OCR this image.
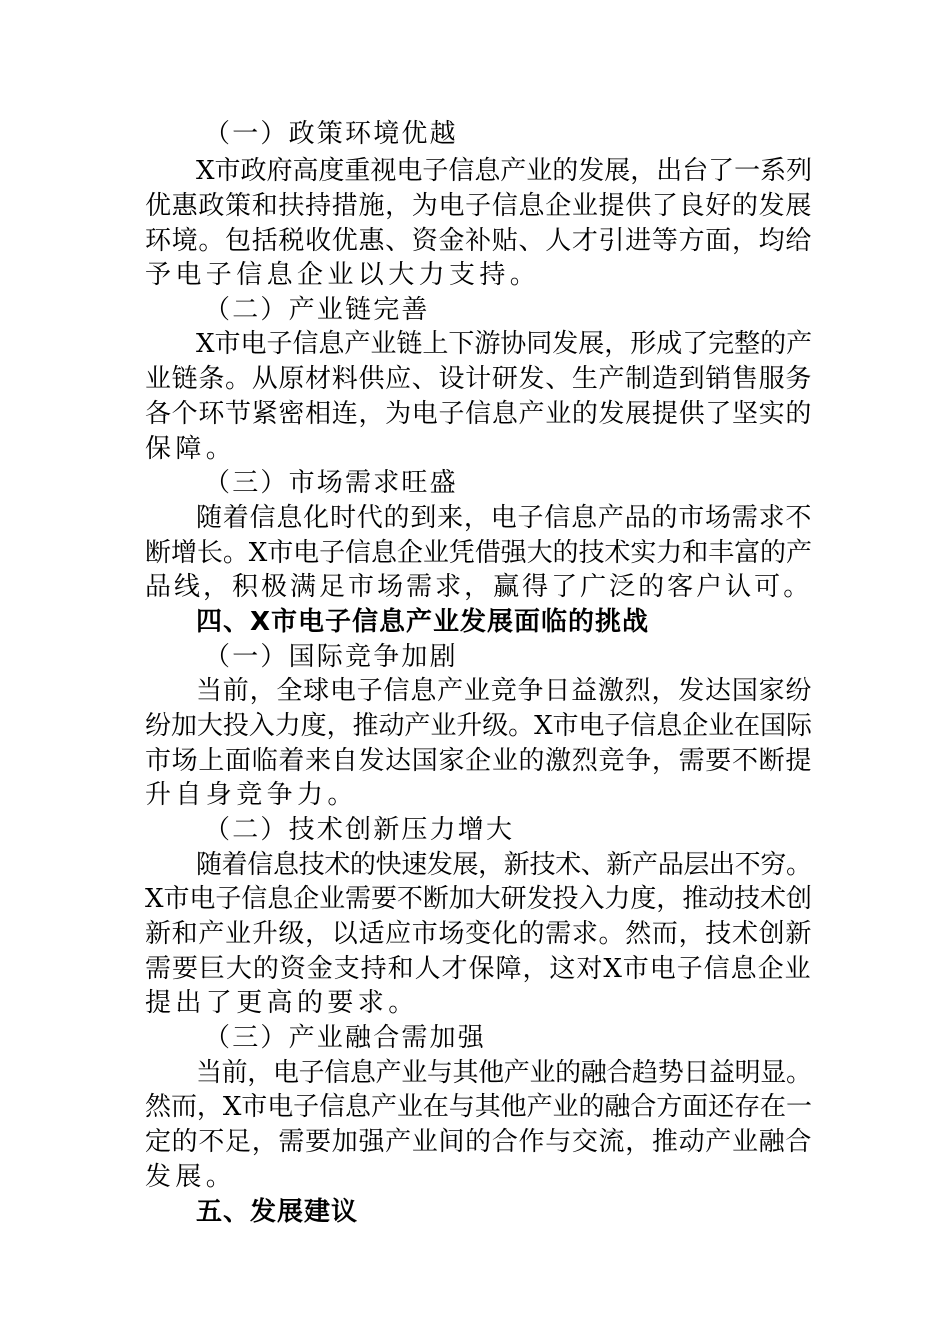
（一）政策环境优越
X市政府高度重视电子信息产业的发展，出台了一系列
优惠政策和扶持措施，为电子信息企业提供了良好的发展
环境。包括税收优惠、资金补贴、人才引进等方面，均给
予电子信息企业以大力支持。
（二）产业链完善
X市电子信息产业链上下游协同发展，形成了完整的产
业链条。从原材料供应、设计研发、生产制造到销售服务
各个环节紧密相连，为电子信息产业的发展提供了坚实的
保障。
（三）市场需求旺盛
随着信息化时代的到来，电子信息产品的市场需求不
断增长。X市电子信息企业凭借强大的技术实力和丰富的产
品线，积极满足市场需求，赢得了广泛的客户认可。
四、X市电子信息产业发展面临的挑战
（一）国际竞争加剧
当前，全球电子信息产业竞争日益激烈，发达国家纷
纷加大投入力度，推动产业升级。X市电子信息企业在国际
市场上面临着来自发达国家企业的激烈竞争，需要不断提
升自身竞争力。
（二）技术创新压力增大
随着信息技术的快速发展，新技术、新产品层出不穷。
X市电子信息企业需要不断加大研发投入力度，推动技术创
新和产业升级，以适应市场变化的需求。然而，技术创新
需要巨大的资金支持和人才保障，这对X市电子信息企业
提出了更高的要求。
（三）产业融合需加强
当前，电子信息产业与其他产业的融合趋势日益明显。
然而，X市电子信息产业在与其他产业的融合方面还存在一
定的不足，需要加强产业间的合作与交流，推动产业融合
发展。
五、发展建议
